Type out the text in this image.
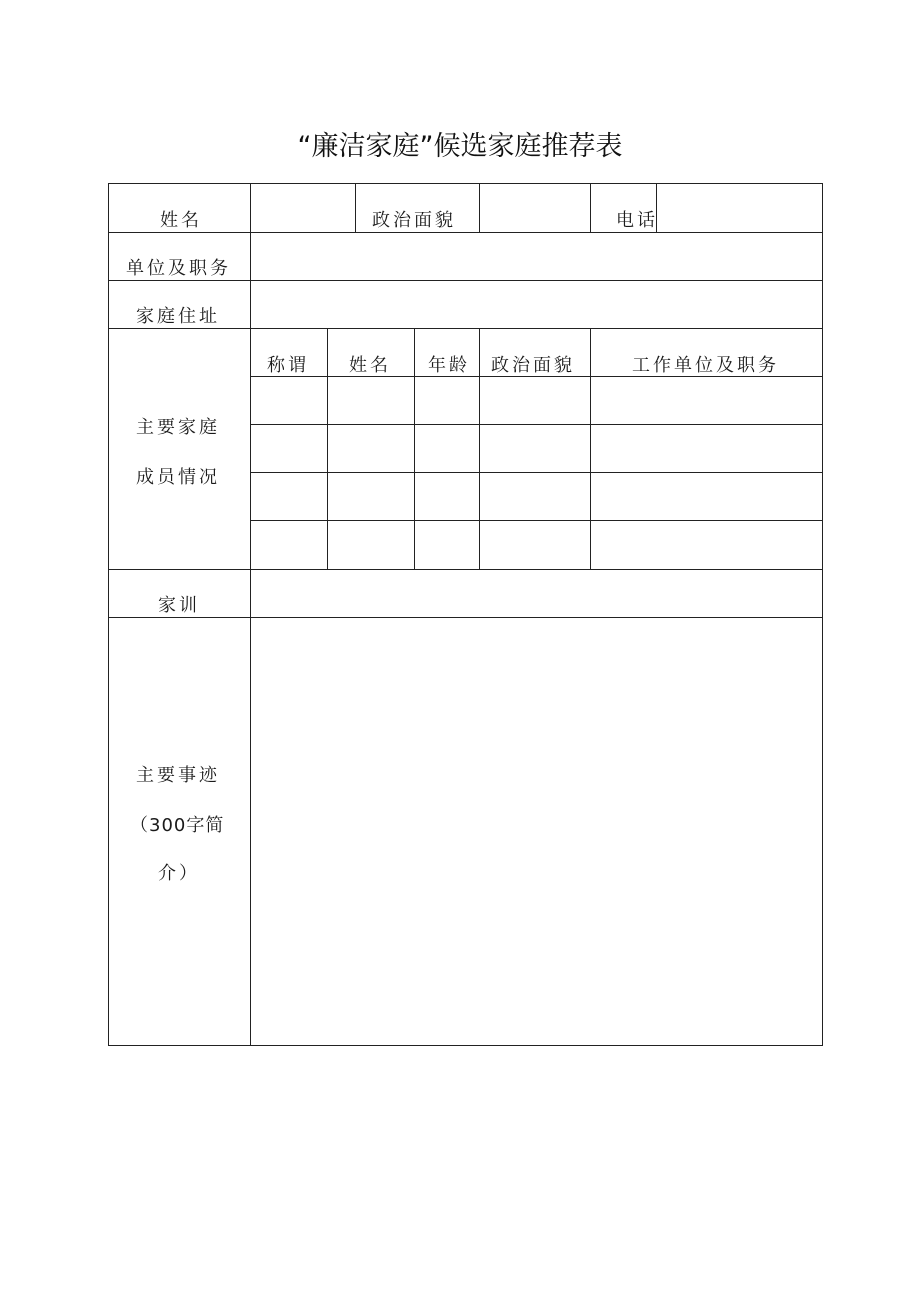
“廉洁家庭”候选家庭推荐表
姓名	政治面貌	电话
单位及职务
家庭住址
主要家庭
成员情况
称谓 姓名 年龄 政治面貌	工作单位及职务
家训
主要事迹
（300字简
介）
